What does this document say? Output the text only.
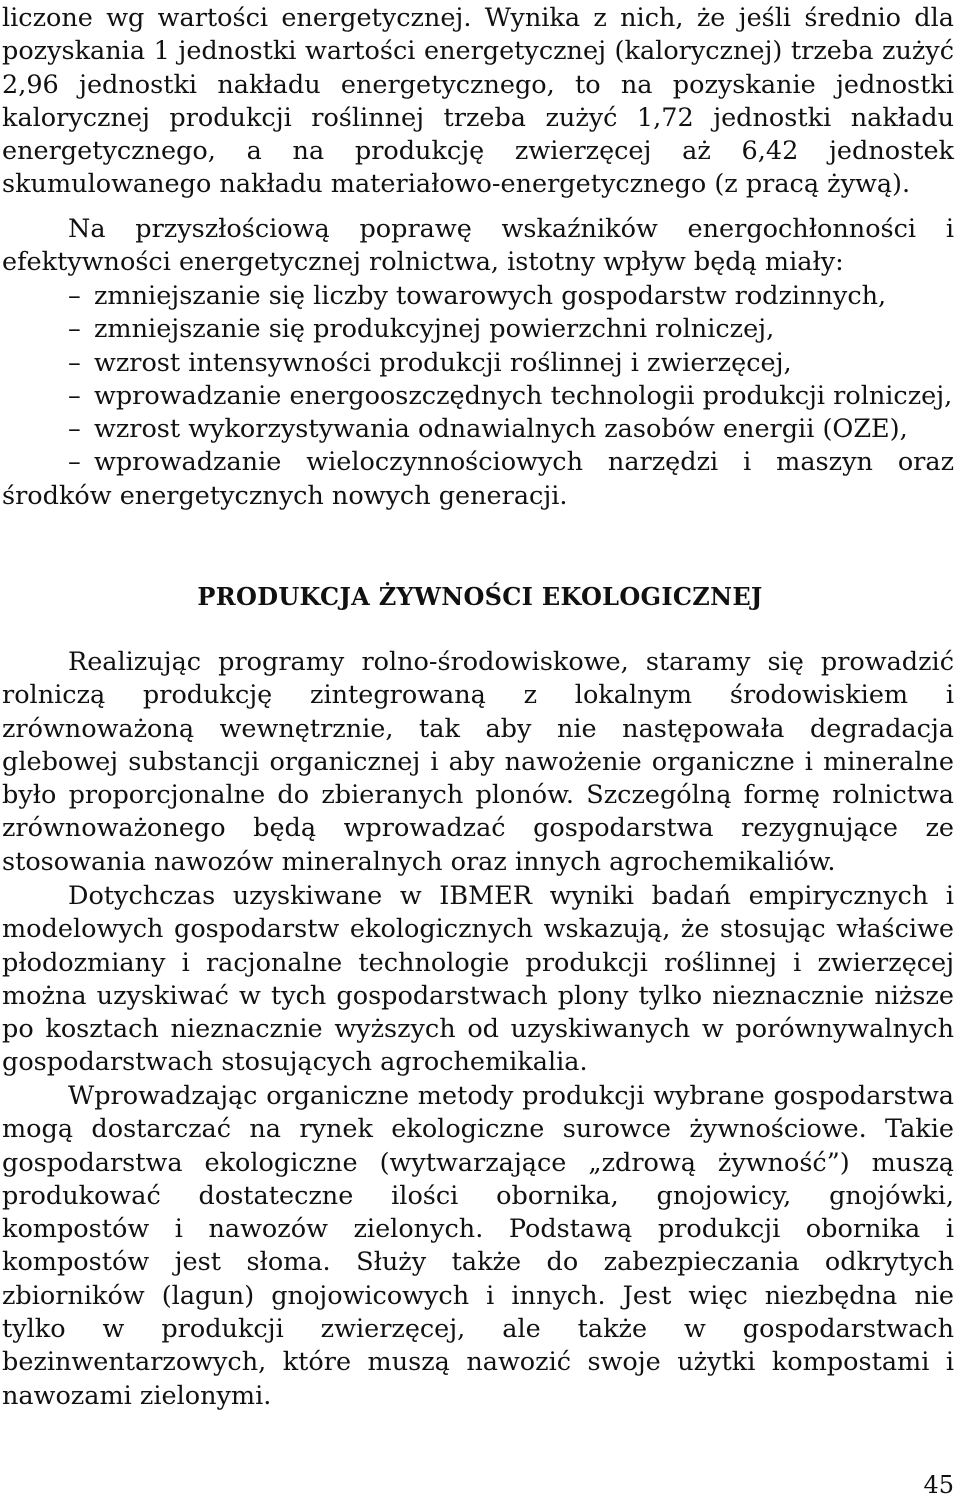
liczone wg wartości energetycznej. Wynika z nich, że jeśli średnio dla pozyskania 1 jednostki wartości energetycznej (kalorycznej) trzeba zużyć 2,96 jednostki nakładu energetycznego, to na pozyskanie jednostki kalorycznej produkcji roślinnej trzeba zużyć 1,72 jednostki nakładu energetycznego, a na produkcję zwierzęcej aż 6,42 jednostek skumulowanego nakładu materiałowo-energetycznego (z pracą żywą).

Na przyszłościową poprawę wskaźników energochłonności i efektywności energetycznej rolnictwa, istotny wpływ będą miały:

– zmniejszanie się liczby towarowych gospodarstw rodzinnych,
– zmniejszanie się produkcyjnej powierzchni rolniczej,
– wzrost intensywności produkcji roślinnej i zwierzęcej,
– wprowadzanie energooszczędnych technologii produkcji rolniczej,
– wzrost wykorzystywania odnawialnych zasobów energii (OZE),
– wprowadzanie wieloczynnościowych narzędzi i maszyn oraz środków energetycznych nowych generacji.
PRODUKCJA ŻYWNOŚCI EKOLOGICZNEJ

Realizując programy rolno-środowiskowe, staramy się prowadzić rolniczą produkcję zintegrowaną z lokalnym środowiskiem i zrównoważoną wewnętrznie, tak aby nie następowała degradacja glebowej substancji organicznej i aby nawożenie organiczne i mineralne było proporcjonalne do zbieranych plonów. Szczególną formę rolnictwa zrównoważonego będą wprowadzać gospodarstwa rezygnujące ze stosowania nawozów mineralnych oraz innych agrochemikaliów.

Dotychczas uzyskiwane w IBMER wyniki badań empirycznych i modelowych gospodarstw ekologicznych wskazują, że stosując właściwe płodozmiany i racjonalne technologie produkcji roślinnej i zwierzęcej można uzyskiwać w tych gospodarstwach plony tylko nieznacznie niższe po kosztach nieznacznie wyższych od uzyskiwanych w porównywalnych gospodarstwach stosujących agrochemikalia.

Wprowadzając organiczne metody produkcji wybrane gospodarstwa mogą dostarczać na rynek ekologiczne surowce żywnościowe. Takie gospodarstwa ekologiczne (wytwarzające „zdrową żywność”) muszą produkować dostateczne ilości obornika, gnojowicy, gnojówki, kompostów i nawozów zielonych. Podstawą produkcji obornika i kompostów jest słoma. Służy także do zabezpieczania odkrytych zbiorników (lagun) gnojowicowych i innych. Jest więc niezbędna nie tylko w produkcji zwierzęcej, ale także w gospodarstwach bezinwentarzowych, które muszą nawozić swoje użytki kompostami i nawozami zielonymi.

45
